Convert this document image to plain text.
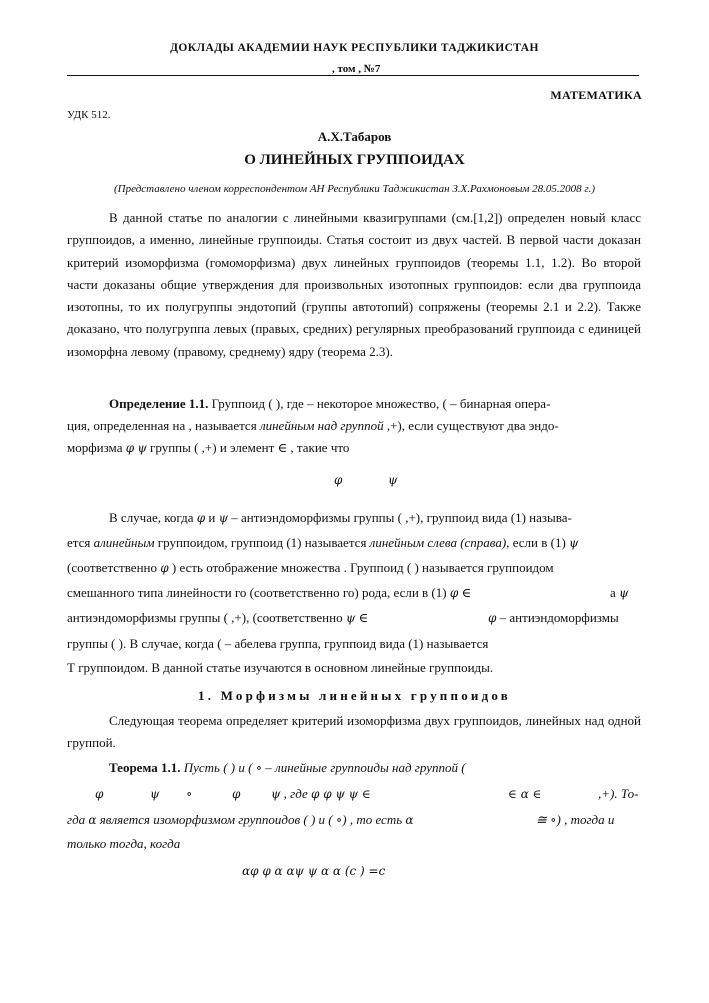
ДОКЛАДЫ АКАДЕМИИ НАУК РЕСПУБЛИКИ ТАДЖИКИСТАН
, том , №7
МАТЕМАТИКА
УДК 512.
А.Х.Табаров
О ЛИНЕЙНЫХ ГРУППОИДАХ
(Представлено членом корреспондентом АН Республики Таджикистан З.Х.Рахмоновым 28.05.2008 г.)
В данной статье по аналогии с линейными квазигруппами (см.[1,2]) определен новый класс группоидов, а именно, линейные группоиды. Статья состоит из двух частей. В первой части доказан критерий изоморфизма (гомоморфизма) двух линейных группоидов (теоремы 1.1, 1.2). Во второй части доказаны общие утверждения для произвольных изотопных группоидов: если два группоида изотопны, то их полугруппы эндотопий (группы автотопий) сопряжены (теоремы 2.1 и 2.2). Также доказано, что полугруппа левых (правых, средних) регулярных преобразований группоида с единицей изоморфна левому (правому, среднему) ядру (теорема 2.3).
Определение 1.1. Группоид ( ), где – некоторое множество, ( – бинарная опера-
ция, определенная на , называется линейным над группой ,+), если существуют два эндо-
морфизма φ ψ группы ( ,+) и элемент ∈ , такие что
φ	ψ
В случае, когда φ и ψ – антиэндоморфизмы группы ( ,+), группоид вида (1) называ-
ется алинейным группоидом, группоид (1) называется линейным слева (справа), если в (1) ψ
(соответственно φ ) есть отображение множества . Группоид ( ) называется группоидом
смешанного типа линейности го (соответственно го) рода, если в (1) φ ∈	а ψ
антиэндоморфизмы группы ( ,+), (соответственно ψ ∈	φ – антиэндоморфизмы
группы ( ). В случае, когда ( – абелева группа, группоид вида (1) называется
Т группоидом. В данной статье изучаются в основном линейные группоиды.
1. Морфизмы линейных группоидов
Следующая теорема определяет критерий изоморфизма двух группоидов, линейных над одной группой.
Теорема 1.1. Пусть ( ) и ( ∘ – линейные группоиды над группой (
φ	ψ ∘	φ	ψ , где φ φ ψ ψ ∈	∈ α ∈	,+). То-
гда α является изоморфизмом группоидов ( ) и ( ∘) , то есть α	≅ ∘) , тогда и
только тогда, когда
αφ φ α αψ ψ α α (c ) =c
